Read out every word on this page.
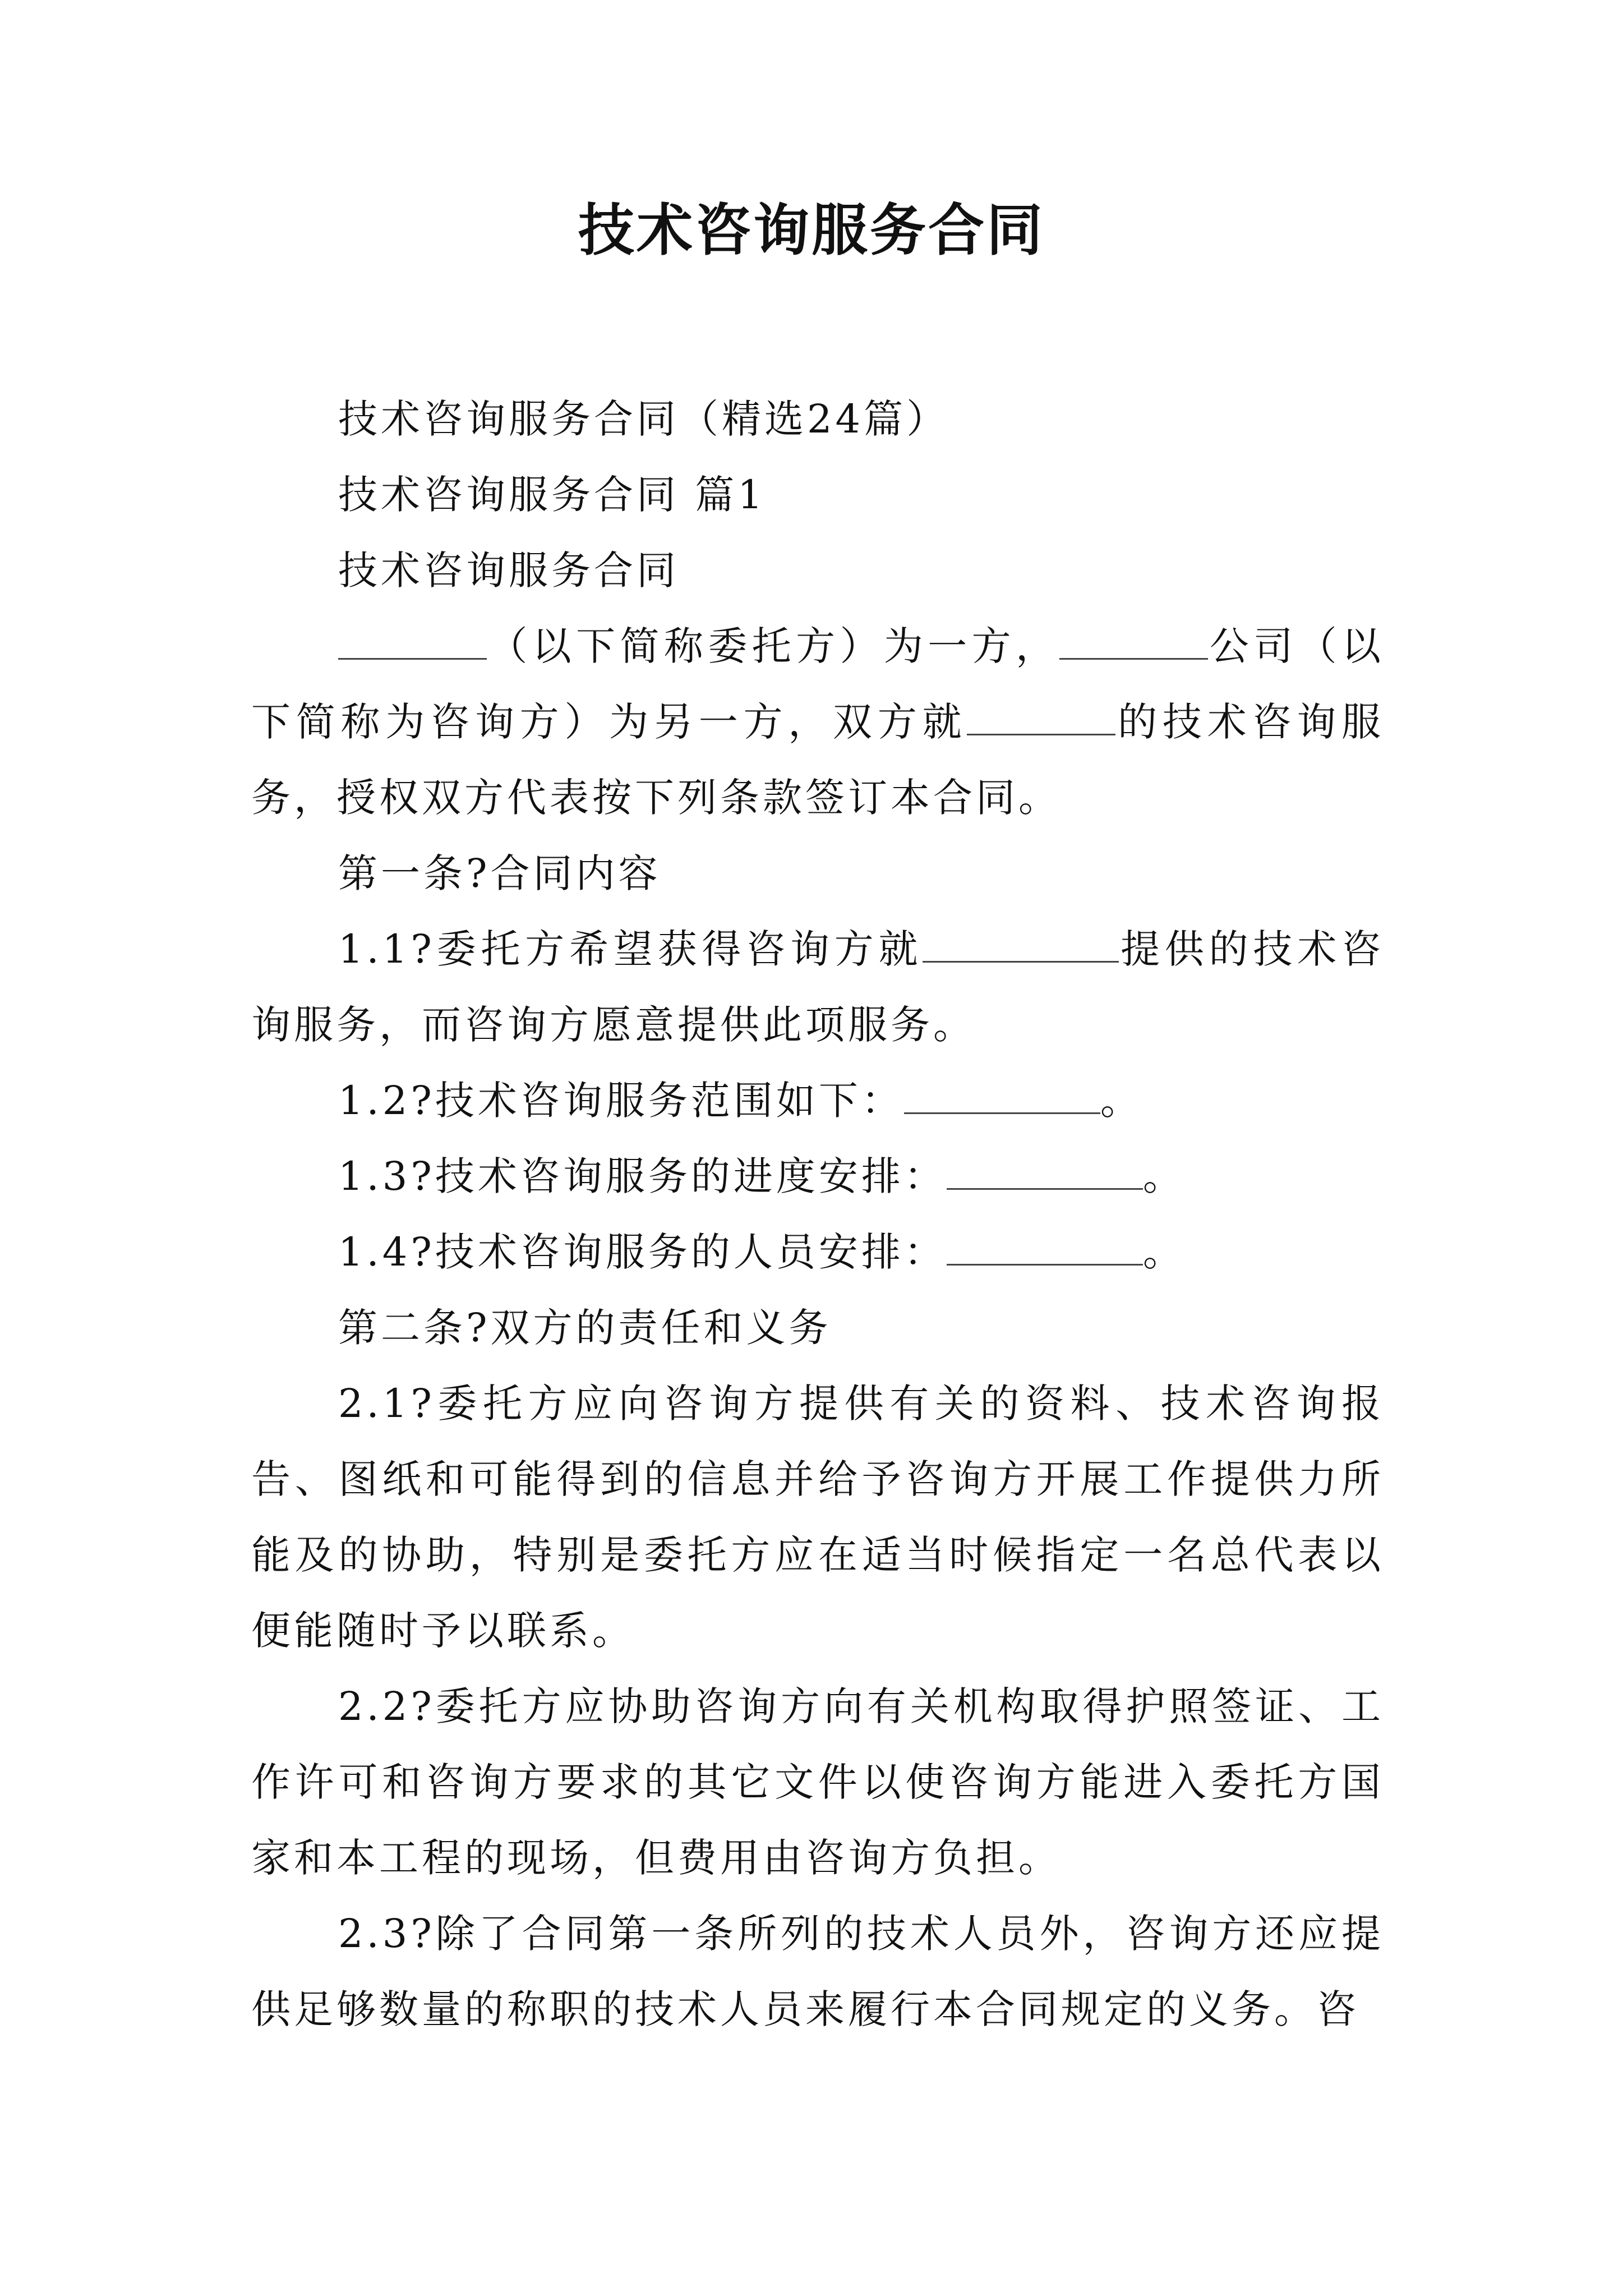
技术咨询服务合同

技术咨询服务合同（精选24篇）

技术咨询服务合同 篇1

技术咨询服务合同

（以下简称委托方）为一方，	公司（以下简称为咨询方）为另一方，双方就	的技术咨询服务，授权双方代表按下列条款签订本合同。

第一条?合同内容

1.1?委托方希望获得咨询方就	提供的技术咨询服务，而咨询方愿意提供此项服务。

1.2?技术咨询服务范围如下：	。

1.3?技术咨询服务的进度安排：	。

1.4?技术咨询服务的人员安排：	。

第二条?双方的责任和义务

2.1?委托方应向咨询方提供有关的资料、技术咨询报告、图纸和可能得到的信息并给予咨询方开展工作提供力所能及的协助，特别是委托方应在适当时候指定一名总代表以便能随时予以联系。

2.2?委托方应协助咨询方向有关机构取得护照签证、工作许可和咨询方要求的其它文件以使咨询方能进入委托方国家和本工程的现场，但费用由咨询方负担。

2.3?除了合同第一条所列的技术人员外，咨询方还应提供足够数量的称职的技术人员来履行本合同规定的义务。咨
